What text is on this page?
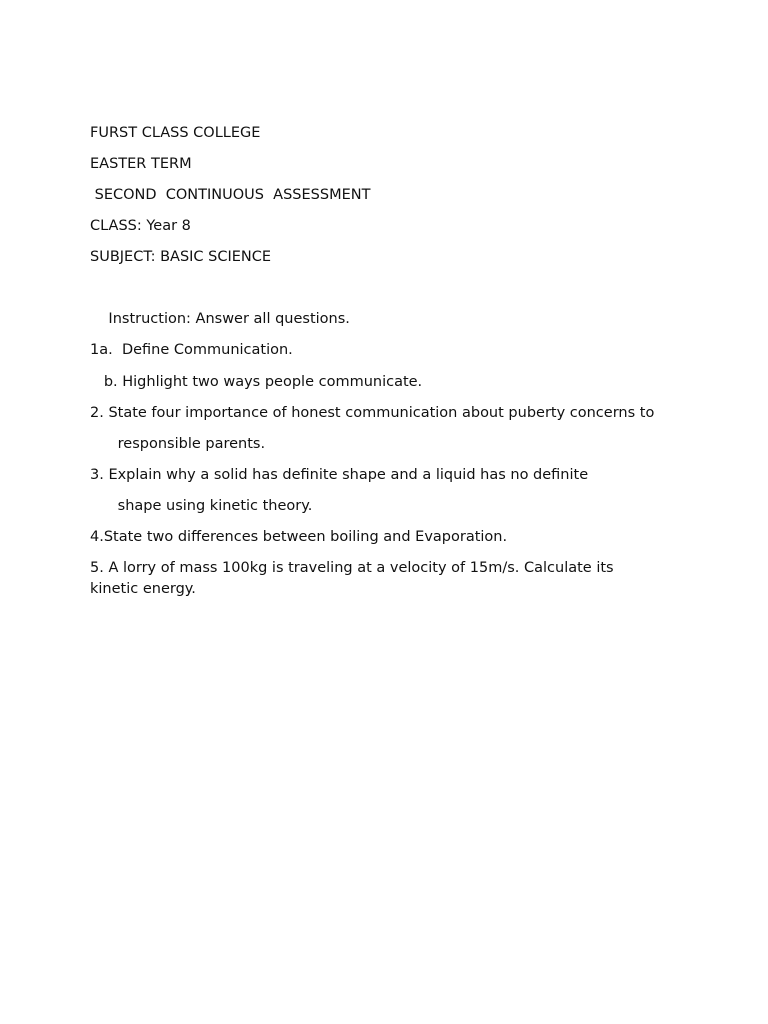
FURST CLASS COLLEGE
EASTER TERM
SECOND  CONTINUOUS  ASSESSMENT
CLASS: Year 8
SUBJECT: BASIC SCIENCE
Instruction: Answer all questions.
1a.  Define Communication.
b. Highlight two ways people communicate.
2. State four importance of honest communication about puberty concerns to
responsible parents.
3. Explain why a solid has definite shape and a liquid has no definite
shape using kinetic theory.
4.State two differences between boiling and Evaporation.
5. A lorry of mass 100kg is traveling at a velocity of 15m/s. Calculate its kinetic energy.
